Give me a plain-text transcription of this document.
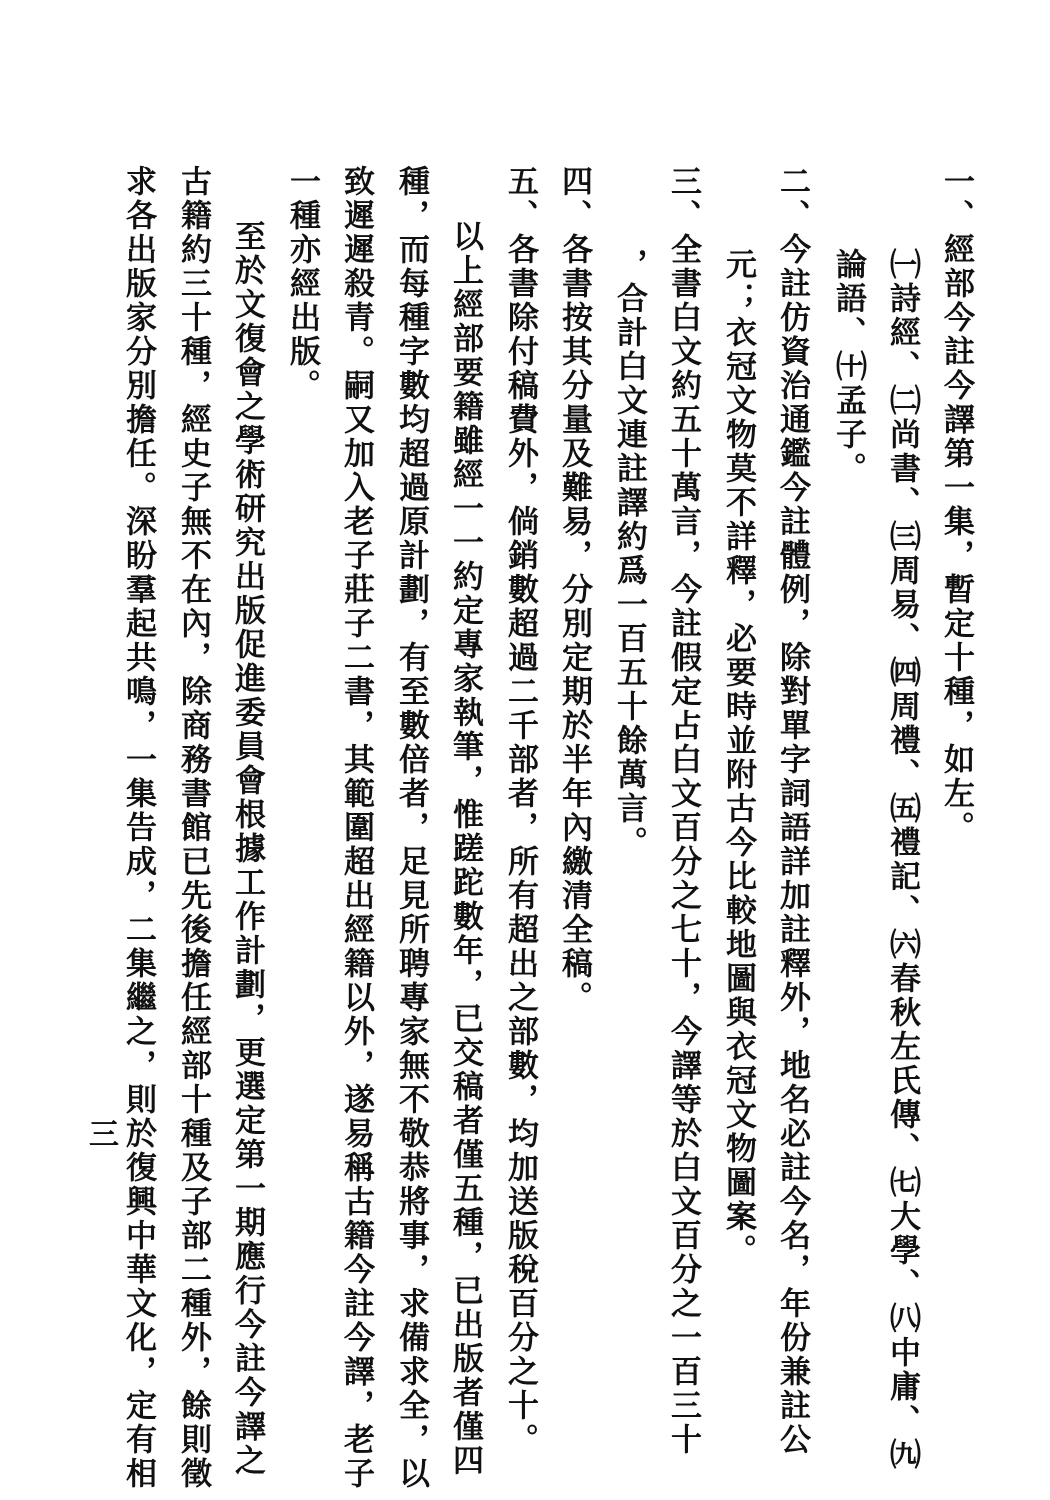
一、經部今註今譯第一集，暫定十種，如左。
㈠詩經、㈡尚書、㈢周易、㈣周禮、㈤禮記、㈥春秋左氏傳、㈦大學、㈧中庸、㈨
論語、㈩孟子。
二、今註仿資治通鑑今註體例，除對單字詞語詳加註釋外，地名必註今名，年份兼註公
元；衣冠文物莫不詳釋，必要時並附古今比較地圖與衣冠文物圖案。
三、全書白文約五十萬言，今註假定占白文百分之七十，今譯等於白文百分之一百三十
，合計白文連註譯約爲一百五十餘萬言。
四、各書按其分量及難易，分別定期於半年內繳清全稿。
五、各書除付稿費外，倘銷數超過二千部者，所有超出之部數，均加送版稅百分之十。
以上經部要籍雖經一一約定專家執筆，惟蹉跎數年，已交稿者僅五種，已出版者僅四
種，而每種字數均超過原計劃，有至數倍者，足見所聘專家無不敬恭將事，求備求全，以
致遲遲殺青。嗣又加入老子莊子二書，其範圍超出經籍以外，遂易稱古籍今註今譯，老子
一種亦經出版。
至於文復會之學術研究出版促進委員會根據工作計劃，更選定第一期應行今註今譯之
古籍約三十種，經史子無不在內，除商務書館已先後擔任經部十種及子部二種外，餘則徵
求各出版家分別擔任。深盼羣起共鳴，一集告成，二集繼之，則於復興中華文化，定有相
三
